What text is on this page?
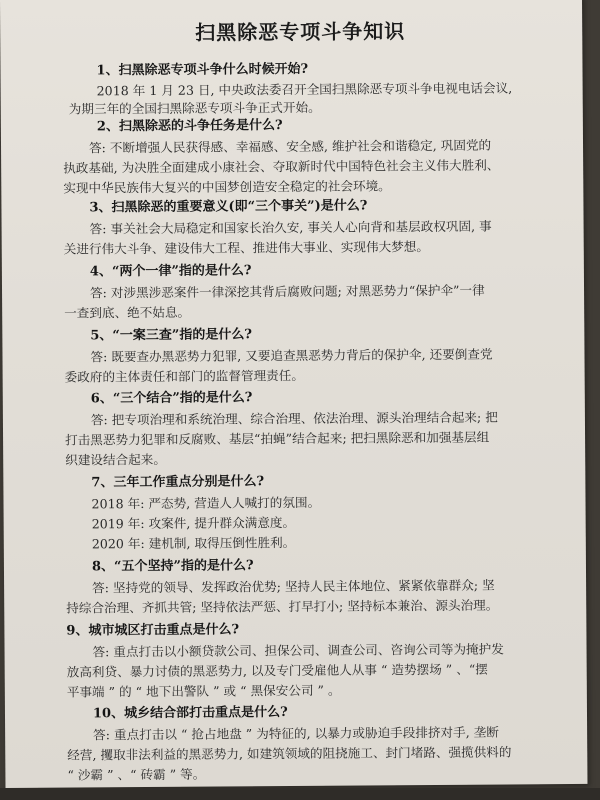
扫黑除恶专项斗争知识
1、扫黑除恶专项斗争什么时候开始?
2018 年 1 月 23 日, 中央政法委召开全国扫黑除恶专项斗争电视电话会议,
为期三年的全国扫黑除恶专项斗争正式开始。
2、扫黑除恶的斗争任务是什么?
答: 不断增强人民获得感、幸福感、安全感, 维护社会和谐稳定, 巩固党的
执政基础, 为决胜全面建成小康社会、夺取新时代中国特色社会主义伟大胜利、
实现中华民族伟大复兴的中国梦创造安全稳定的社会环境。
3、扫黑除恶的重要意义(即“三个事关”)是什么?
答: 事关社会大局稳定和国家长治久安, 事关人心向背和基层政权巩固, 事
关进行伟大斗争、建设伟大工程、推进伟大事业、实现伟大梦想。
4、“两个一律”指的是什么?
答: 对涉黑涉恶案件一律深挖其背后腐败问题; 对黑恶势力“保护伞”一律
一查到底、绝不姑息。
5、“一案三查”指的是什么?
答: 既要查办黑恶势力犯罪, 又要追查黑恶势力背后的保护伞, 还要倒查党
委政府的主体责任和部门的监督管理责任。
6、“三个结合”指的是什么?
答: 把专项治理和系统治理、综合治理、依法治理、源头治理结合起来; 把
打击黑恶势力犯罪和反腐败、基层“拍蝇”结合起来; 把扫黑除恶和加强基层组
织建设结合起来。
7、三年工作重点分别是什么?
2018 年: 严态势, 营造人人喊打的氛围。
2019 年: 攻案件, 提升群众满意度。
2020 年: 建机制, 取得压倒性胜利。
8、“五个坚持”指的是什么?
答: 坚持党的领导、发挥政治优势; 坚持人民主体地位、紧紧依靠群众; 坚
持综合治理、齐抓共管; 坚持依法严惩、打早打小; 坚持标本兼治、源头治理。
9、城市城区打击重点是什么?
答: 重点打击以小额贷款公司、担保公司、调查公司、咨询公司等为掩护发
放高利贷、暴力讨债的黑恶势力, 以及专门受雇他人从事 “ 造势摆场 ” 、“摆
平事端 ” 的 “ 地下出警队 ” 或 “ 黑保安公司 ” 。
10、城乡结合部打击重点是什么?
答: 重点打击以 “ 抢占地盘 ” 为特征的, 以暴力或胁迫手段排挤对手, 垄断
经营, 攫取非法利益的黑恶势力, 如建筑领域的阻挠施工、封门堵路、强揽供料的
“ 沙霸 ” 、“ 砖霸 ” 等。
